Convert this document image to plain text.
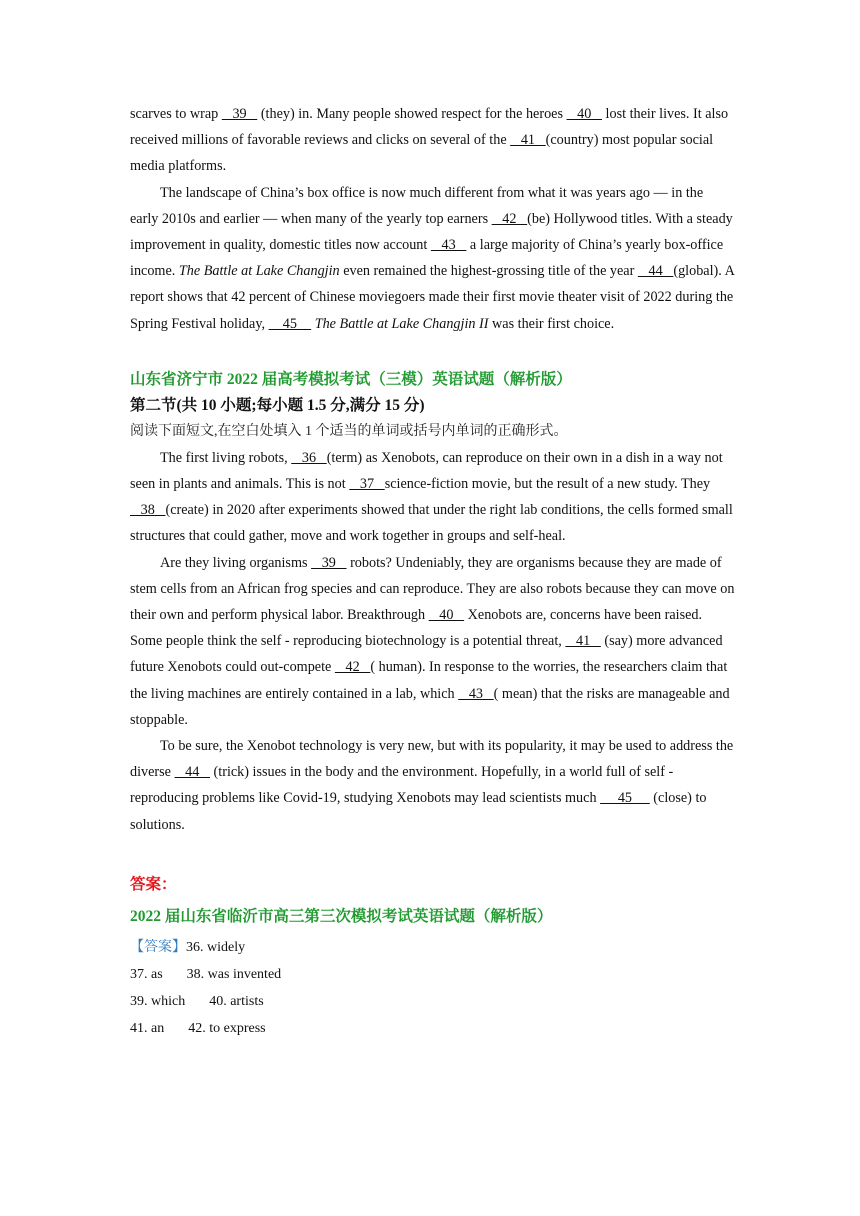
scarves to wrap    39    (they) in. Many people showed respect for the heroes    40    lost their lives. It also received millions of favorable reviews and clicks on several of the    41   (country) most popular social media platforms.

The landscape of China’s box office is now much different from what it was years ago — in the early 2010s and earlier — when many of the yearly top earners    42   (be) Hollywood titles. With a steady improvement in quality, domestic titles now account    43    a large majority of China’s yearly box-office income. The Battle at Lake Changjin even remained the highest-grossing title of the year    44   (global). A report shows that 42 percent of Chinese moviegoers made their first movie theater visit of 2022 during the Spring Festival holiday,     45     The Battle at Lake Changjin II was their first choice.

山东省济宁市 2022 届高考模拟考试（三模）英语试题（解析版）

第二节(共 10 小题;每小题 1.5 分,满分 15 分)

阅读下面短文,在空白处填入 1 个适当的单词或括号内单词的正确形式。

The first living robots,    36   (term) as Xenobots, can reproduce on their own in a dish in a way not seen in plants and animals. This is not    37   science-fiction movie, but the result of a new study. They    38   (create) in 2020 after experiments showed that under the right lab conditions, the cells formed small structures that could gather, move and work together in groups and self-heal.

Are they living organisms    39    robots? Undeniably, they are organisms because they are made of stem cells from an African frog species and can reproduce. They are also robots because they can move on their own and perform physical labor. Breakthrough    40    Xenobots are, concerns have been raised. Some people think the self - reproducing biotechnology is a potential threat,    41    (say) more advanced future Xenobots could out-compete    42   ( human). In response to the worries, the researchers claim that the living machines are entirely contained in a lab, which    43   ( mean) that the risks are manageable and stoppable.

To be sure, the Xenobot technology is very new, but with its popularity, it may be used to address the diverse    44    (trick) issues in the body and the environment. Hopefully, in a world full of self - reproducing problems like Covid-19, studying Xenobots may lead scientists much      45      (close) to solutions.

答案：

2022 届山东省临沂市高三第三次模拟考试英语试题（解析版）

【答案】36. widely

37. as 38. was invented

39. which 40. artists

41. an 42. to express
